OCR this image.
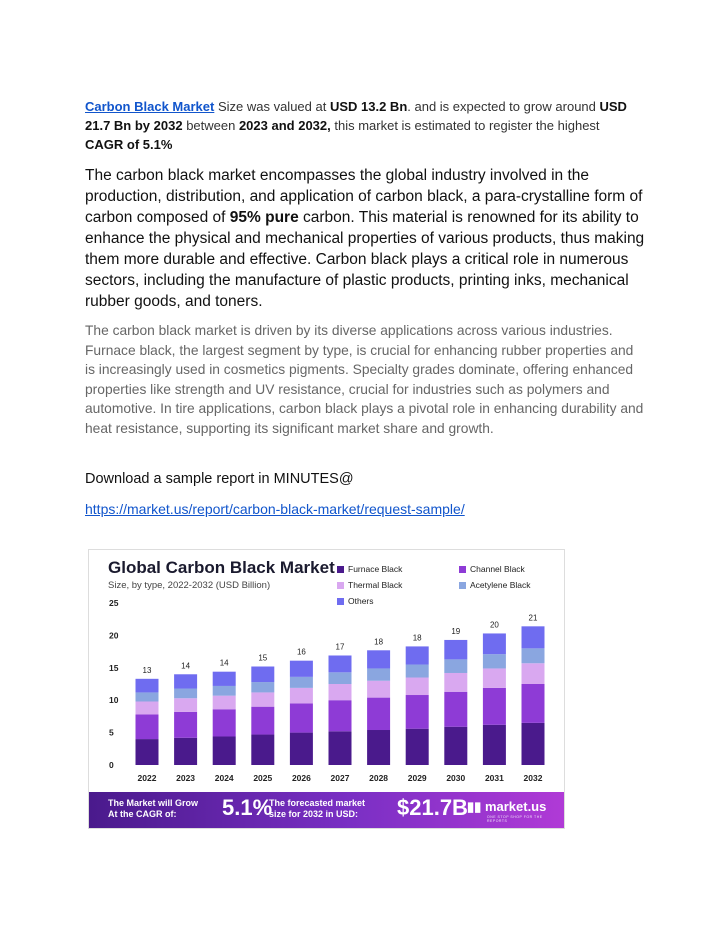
Carbon Black Market Size was valued at USD 13.2 Bn. and is expected to grow around USD 21.7 Bn by 2032 between 2023 and 2032, this market is estimated to register the highest CAGR of 5.1%
The carbon black market encompasses the global industry involved in the production, distribution, and application of carbon black, a para-crystalline form of carbon composed of 95% pure carbon. This material is renowned for its ability to enhance the physical and mechanical properties of various products, thus making them more durable and effective. Carbon black plays a critical role in numerous sectors, including the manufacture of plastic products, printing inks, mechanical rubber goods, and toners.
The carbon black market is driven by its diverse applications across various industries. Furnace black, the largest segment by type, is crucial for enhancing rubber properties and is increasingly used in cosmetics pigments. Specialty grades dominate, offering enhanced properties like strength and UV resistance, crucial for industries such as polymers and automotive. In tire applications, carbon black plays a pivotal role in enhancing durability and heat resistance, supporting its significant market share and growth.
Download a sample report in MINUTES@
https://market.us/report/carbon-black-market/request-sample/
Global Carbon Black Market
Size, by type, 2022-2032 (USD Billion)
Furnace Black	Channel Black
Thermal Black	Acetylene Black
Others
0
5
10
15
20
25
13
2022
14
2023
14
2024
15
2025
16
2026
17
2027
18
2028
18
2029
19
2030
20
2031
21
2032
The Market will Grow
At the CAGR of:	5.1%
The forecasted market
size for 2032 in USD:	$21.7B ▮▮ market.us
ONE STOP SHOP FOR THE REPORTS
